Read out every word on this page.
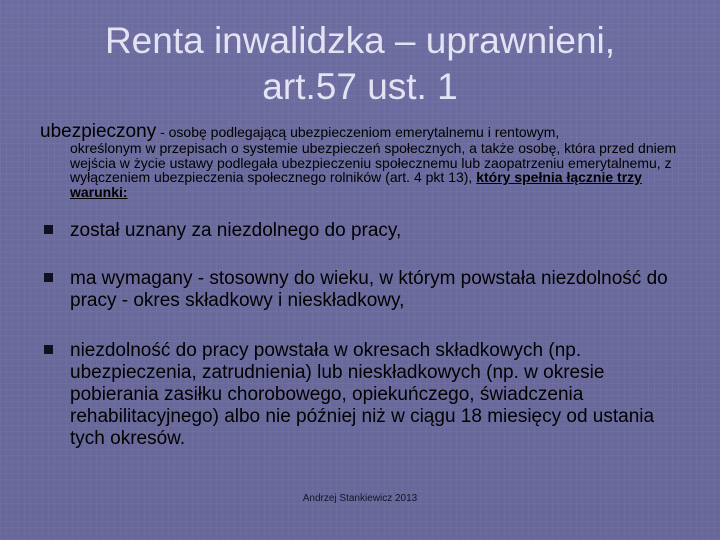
Renta inwalidzka – uprawnieni,
art.57 ust. 1
ubezpieczony - osobę podlegającą ubezpieczeniom emerytalnemu i rentowym,
określonym w przepisach o systemie ubezpieczeń społecznych, a także osobę, która przed dniem wejścia w życie ustawy podlegała ubezpieczeniu społecznemu lub zaopatrzeniu emerytalnemu, z wyłączeniem ubezpieczenia społecznego rolników (art. 4 pkt 13), który spełnia łącznie trzy warunki:
został uznany za niezdolnego do pracy,
ma wymagany - stosowny do wieku, w którym powstała niezdolność do pracy - okres składkowy i nieskładkowy,
niezdolność do pracy powstała w okresach składkowych (np. ubezpieczenia, zatrudnienia) lub nieskładkowych (np. w okresie pobierania zasiłku chorobowego, opiekuńczego, świadczenia rehabilitacyjnego) albo nie później niż w ciągu 18 miesięcy od ustania tych okresów.
Andrzej Stankiewicz 2013
